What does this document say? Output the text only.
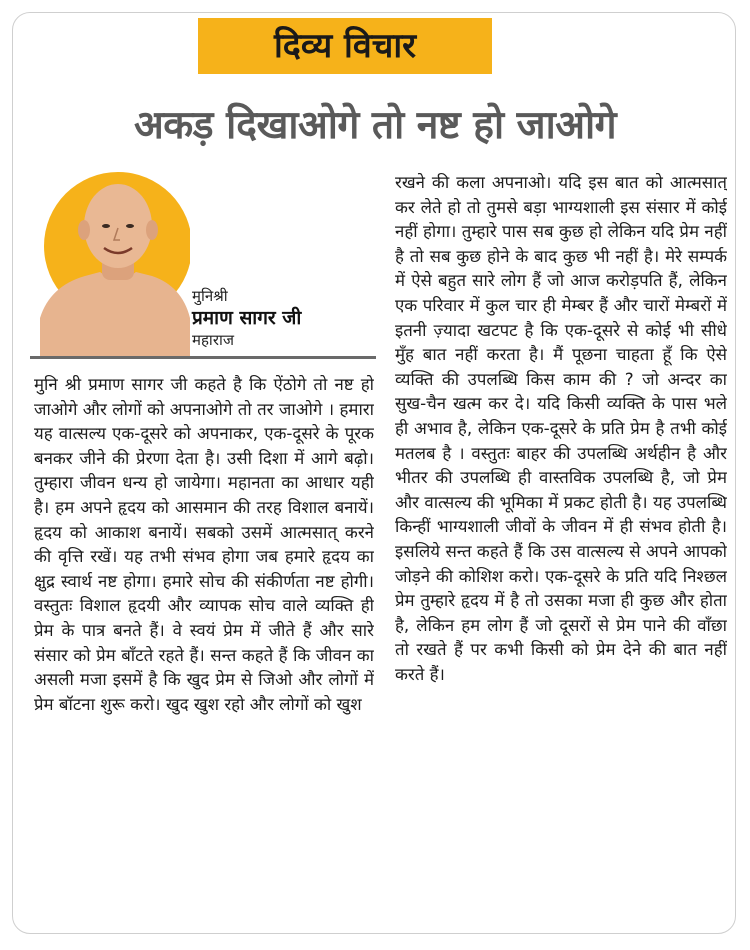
दिव्य विचार
अकड़ दिखाओगे तो नष्ट हो जाओगे
मुनिश्री
प्रमाण सागर जी
महाराज

मुनि श्री प्रमाण सागर जी कहते है कि ऐंठोगे तो नष्ट हो जाओगे और लोगों को अपनाओगे तो तर जाओगे । हमारा यह वात्सल्य एक-दूसरे को अपनाकर, एक-दूसरे के पूरक बनकर जीने की प्रेरणा देता है। उसी दिशा में आगे बढ़ो। तुम्हारा जीवन धन्य हो जायेगा। महानता का आधार यही है। हम अपने हृदय को आसमान की तरह विशाल बनायें। हृदय को आकाश बनायें। सबको उसमें आत्मसात् करने की वृत्ति रखें। यह तभी संभव होगा जब हमारे हृदय का क्षुद्र स्वार्थ नष्ट होगा। हमारे सोच की संकीर्णता नष्ट होगी। वस्तुतः विशाल हृदयी और व्यापक सोच वाले व्यक्ति ही प्रेम के पात्र बनते हैं। वे स्वयं प्रेम में जीते हैं और सारे संसार को प्रेम बाँटते रहते हैं। सन्त कहते हैं कि जीवन का असली मजा इसमें है कि खुद प्रेम से जिओ और लोगों में प्रेम बॉटना शुरू करो। खुद खुश रहो और लोगों को खुश

रखने की कला अपनाओ। यदि इस बात को आत्मसात् कर लेते हो तो तुमसे बड़ा भाग्यशाली इस संसार में कोई नहीं होगा। तुम्हारे पास सब कुछ हो लेकिन यदि प्रेम नहीं है तो सब कुछ होने के बाद कुछ भी नहीं है। मेरे सम्पर्क में ऐसे बहुत सारे लोग हैं जो आज करोड़पति हैं, लेकिन एक परिवार में कुल चार ही मेम्बर हैं और चारों मेम्बरों में इतनी ज़्यादा खटपट है कि एक-दूसरे से कोई भी सीधे मुँह बात नहीं करता है। मैं पूछना चाहता हूँ कि ऐसे व्यक्ति की उपलब्धि किस काम की ? जो अन्दर का सुख-चैन खत्म कर दे। यदि किसी व्यक्ति के पास भले ही अभाव है, लेकिन एक-दूसरे के प्रति प्रेम है तभी कोई मतलब है । वस्तुतः बाहर की उपलब्धि अर्थहीन है और भीतर की उपलब्धि ही वास्तविक उपलब्धि है, जो प्रेम और वात्सल्य की भूमिका में प्रकट होती है। यह उपलब्धि किन्हीं भाग्यशाली जीवों के जीवन में ही संभव होती है। इसलिये सन्त कहते हैं कि उस वात्सल्य से अपने आपको जोड़ने की कोशिश करो। एक-दूसरे के प्रति यदि निश्छल प्रेम तुम्हारे हृदय में है तो उसका मजा ही कुछ और होता है, लेकिन हम लोग हैं जो दूसरों से प्रेम पाने की वाँछा तो रखते हैं पर कभी किसी को प्रेम देने की बात नहीं करते हैं।
